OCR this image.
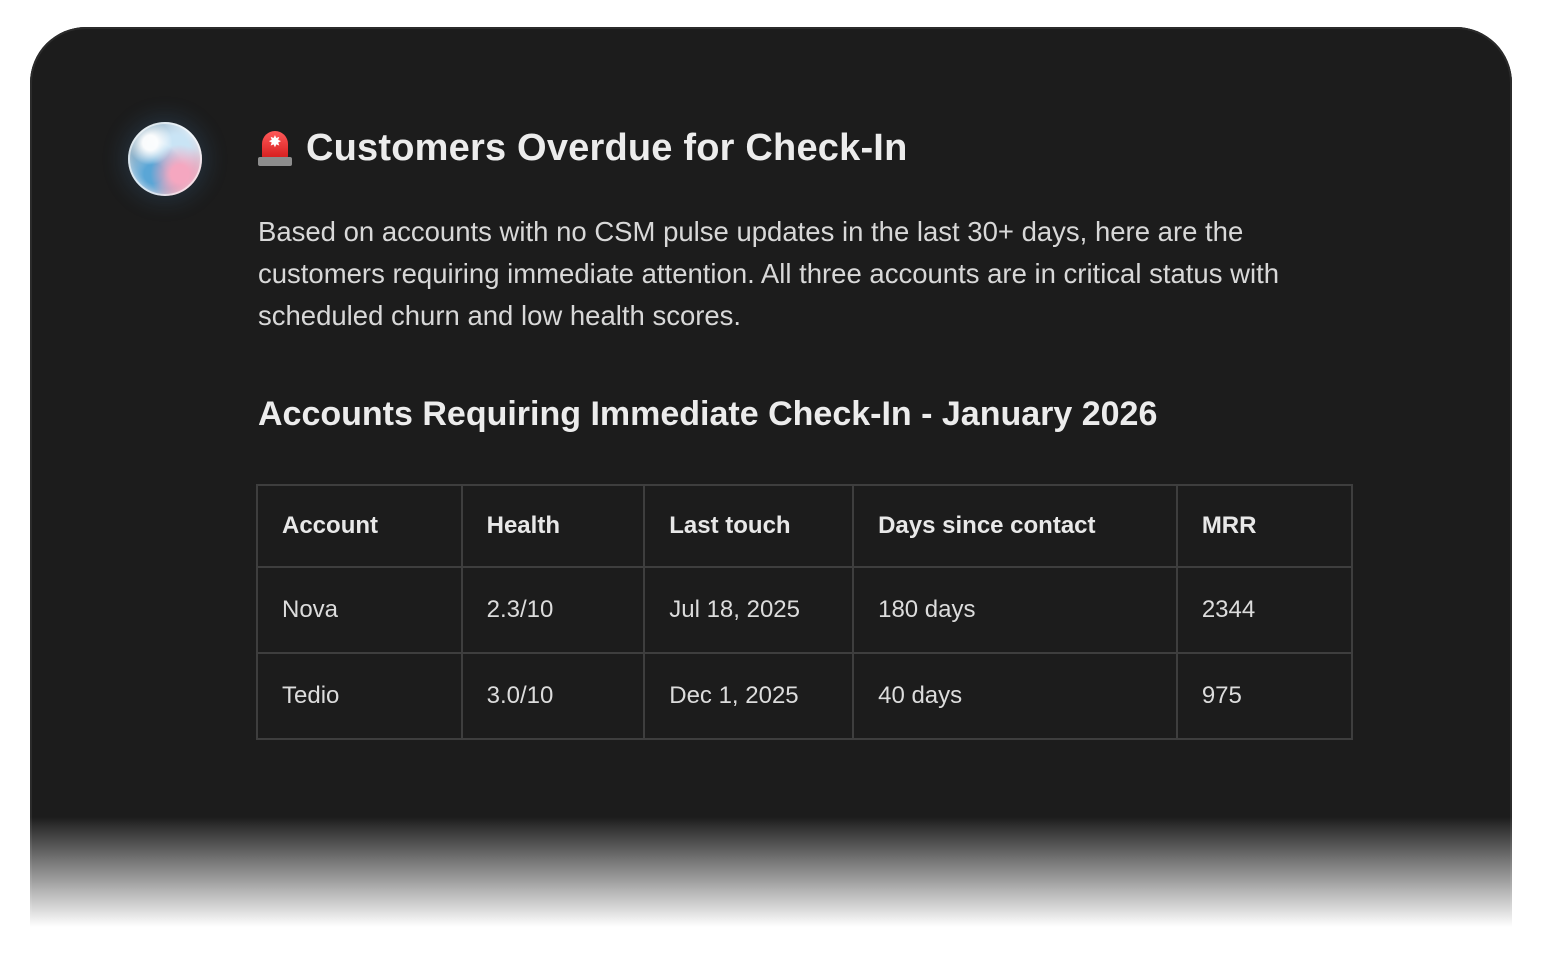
✸ Customers Overdue for Check-In
Based on accounts with no CSM pulse updates in the last 30+ days, here are the customers requiring immediate attention. All three accounts are in critical status with scheduled churn and low health scores.
Accounts Requiring Immediate Check-In - January 2026
Account	Health	Last touch	Days since contact	MRR
Nova	2.3/10	Jul 18, 2025	180 days	2344
Tedio	3.0/10	Dec 1, 2025	40 days	975
